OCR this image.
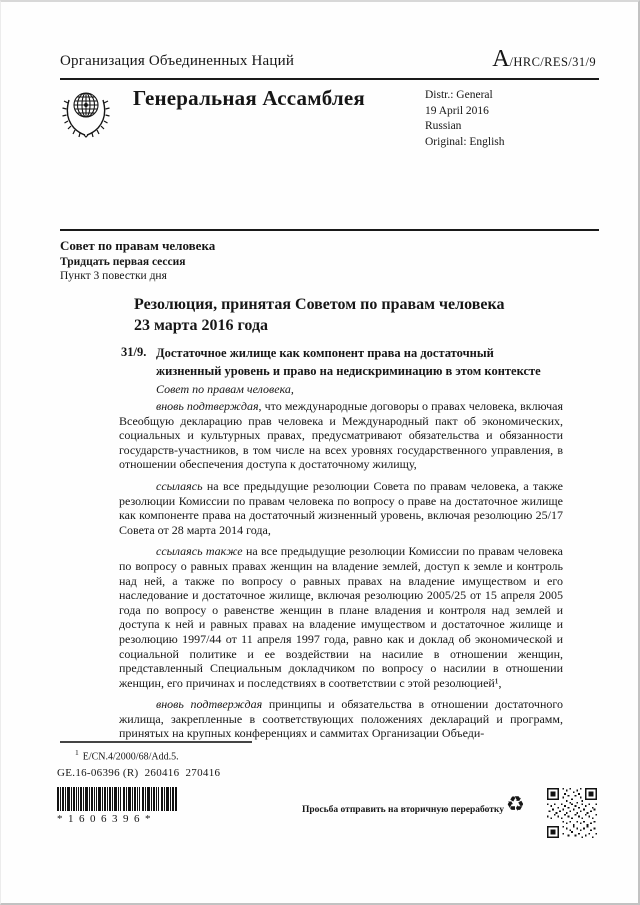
Организация Объединенных Наций	A /HRC/RES/31/9
Генеральная Ассамблея	Distr.: General
19 April 2016
Russian
Original: English
Совет по правам человека
Тридцать первая сессия
Пункт 3 повестки дня
Резолюция, принятая Советом по правам человека
23 марта 2016 года
31/9. Достаточное жилище как компонент права на достаточный
жизненный уровень и право на недискриминацию в этом контексте
Совет по правам человека,

вновь подтверждая, что международные договоры о правах человека, включая Всеобщую декларацию прав человека и Международный пакт об экономических, социальных и культурных правах, предусматривают обязательства и обязанности государств-участников, в том числе на всех уровнях государственного управления, в отношении обеспечения доступа к достаточному жилищу,

ссылаясь на все предыдущие резолюции Совета по правам человека, а также резолюции Комиссии по правам человека по вопросу о праве на достаточное жилище как компоненте права на достаточный жизненный уровень, включая резолюцию 25/17 Совета от 28 марта 2014 года,

ссылаясь также на все предыдущие резолюции Комиссии по правам человека по вопросу о равных правах женщин на владение землей, доступ к земле и контроль над ней, а также по вопросу о равных правах на владение имуществом и его наследование и достаточное жилище, включая резолюцию 2005/25 от 15 апреля 2005 года по вопросу о равенстве женщин в плане владения и контроля над землей и доступа к ней и равных правах на владение имуществом и достаточное жилище и резолюцию 1997/44 от 11 апреля 1997 года, равно как и доклад об экономической и социальной политике и ее воздействии на насилие в отношении женщин, представленный Специальным докладчиком по вопросу о насилии в отношении женщин, его причинах и последствиях в соответствии с этой резолюцией¹,

вновь подтверждая принципы и обязательства в отношении достаточного жилища, закрепленные в соответствующих положениях деклараций и программ, принятых на крупных конференциях и саммитах Организации Объеди-

$^1$ E/CN.4/2000/68/Add.5.
GE.16-06396 (R)  260416  270416
*1606396*
Просьба отправить на вторичную переработку ♻
